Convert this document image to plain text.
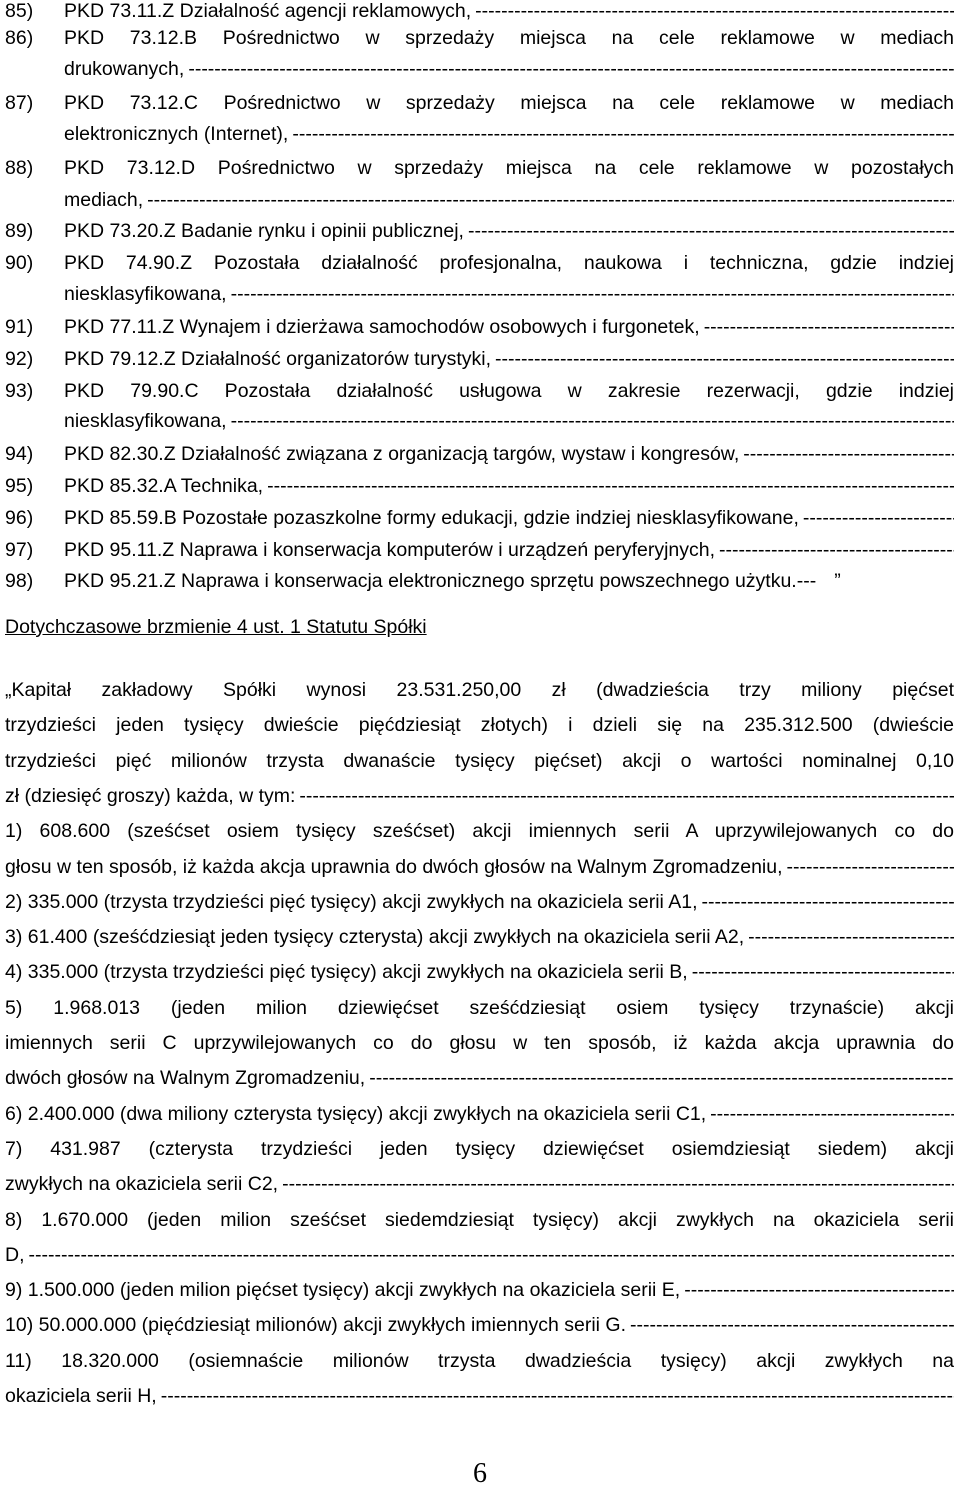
85)	PKD 73.11.Z Działalność agencji reklamowych,
-----
86)	PKD 73.12.B Pośrednictwo w sprzedaży miejsca na cele reklamowe w mediach
drukowanych,
-----
87)	PKD 73.12.C Pośrednictwo w sprzedaży miejsca na cele reklamowe w mediach
elektronicznych (Internet),
-----
88)	PKD 73.12.D Pośrednictwo w sprzedaży miejsca na cele reklamowe w pozostałych
mediach,
-----
89)	PKD 73.20.Z Badanie rynku i opinii publicznej,
-----
90)	PKD 74.90.Z Pozostała działalność profesjonalna, naukowa i techniczna, gdzie indziej
niesklasyfikowana,
-----
91)	PKD 77.11.Z Wynajem i dzierżawa samochodów osobowych i furgonetek,
-----
92)	PKD 79.12.Z Działalność organizatorów turystyki,
-----
93)	PKD 79.90.C Pozostała działalność usługowa w zakresie rezerwacji, gdzie indziej
niesklasyfikowana,
-----
94)	PKD 82.30.Z Działalność związana z organizacją targów, wystaw i kongresów,
-----
95)	PKD 85.32.A Technika,
-----
96)	PKD 85.59.B Pozostałe pozaszkolne formy edukacji, gdzie indziej niesklasyfikowane,
-----
97)	PKD 95.11.Z Naprawa i konserwacja komputerów i urządzeń peryferyjnych,
-----
98)	PKD 95.21.Z Naprawa i konserwacja elektronicznego sprzętu powszechnego użytku.--- ”
Dotychczasowe brzmienie 4 ust. 1 Statutu Spółki
„Kapitał zakładowy Spółki wynosi 23.531.250,00 zł (dwadzieścia trzy miliony pięćset
trzydzieści jeden tysięcy dwieście pięćdziesiąt złotych) i dzieli się na 235.312.500 (dwieście
trzydzieści pięć milionów trzysta dwanaście tysięcy pięćset) akcji o wartości nominalnej 0,10
zł (dziesięć groszy) każda, w tym:
-----
1) 608.600 (sześćset osiem tysięcy sześćset) akcji imiennych serii A uprzywilejowanych co do
głosu w ten sposób, iż każda akcja uprawnia do dwóch głosów na Walnym Zgromadzeniu,
-----
2) 335.000 (trzysta trzydzieści pięć tysięcy) akcji zwykłych na okaziciela serii A1,
-----
3) 61.400 (sześćdziesiąt jeden tysięcy czterysta) akcji zwykłych na okaziciela serii A2,
-----
4) 335.000 (trzysta trzydzieści pięć tysięcy) akcji zwykłych na okaziciela serii B,
-----
5) 1.968.013 (jeden milion dziewięćset sześćdziesiąt osiem tysięcy trzynaście) akcji
imiennych serii C uprzywilejowanych co do głosu w ten sposób, iż każda akcja uprawnia do
dwóch głosów na Walnym Zgromadzeniu,
-----
6) 2.400.000 (dwa miliony czterysta tysięcy) akcji zwykłych na okaziciela serii C1,
-----
7) 431.987 (czterysta trzydzieści jeden tysięcy dziewięćset osiemdziesiąt siedem) akcji
zwykłych na okaziciela serii C2,
-----
8) 1.670.000 (jeden milion sześćset siedemdziesiąt tysięcy) akcji zwykłych na okaziciela serii
D,
-----
9) 1.500.000 (jeden milion pięćset tysięcy) akcji zwykłych na okaziciela serii E,
-----
10) 50.000.000 (pięćdziesiąt milionów) akcji zwykłych imiennych serii G.
-----
11) 18.320.000 (osiemnaście milionów trzysta dwadzieścia tysięcy) akcji zwykłych na
okaziciela serii H,
-----
6
